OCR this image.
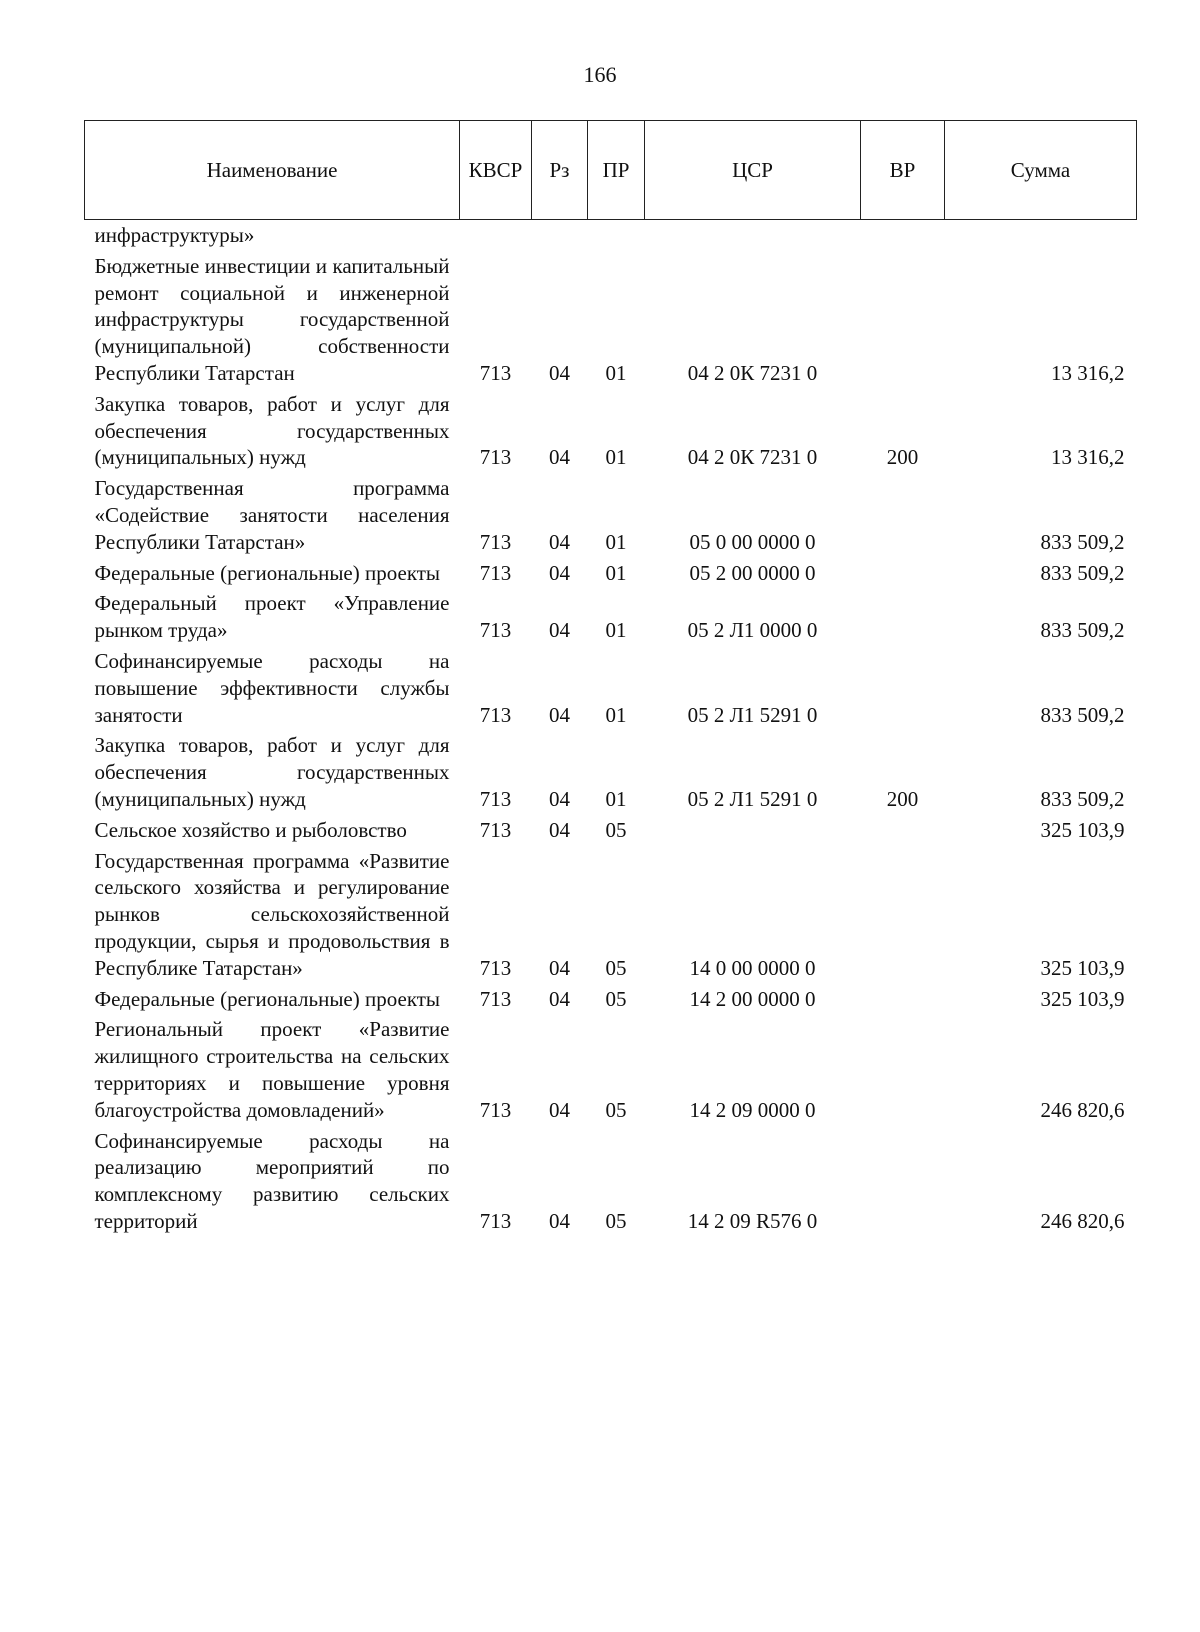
166
Наименование	КВСР	Рз	ПР	ЦСР	ВР	Сумма
инфраструктуры»						
Бюджетные инвестиции и капитальный ремонт социальной и инженерной инфраструктуры государственной (муниципальной) собственности Республики Татарстан	713	04	01	04 2 0К 7231 0		13 316,2
Закупка товаров, работ и услуг для обеспечения государственных (муниципальных) нужд	713	04	01	04 2 0К 7231 0	200	13 316,2
Государственная программа «Содействие занятости населения Республики Татарстан»	713	04	01	05 0 00 0000 0		833 509,2
Федеральные (региональные) проекты	713	04	01	05 2 00 0000 0		833 509,2
Федеральный проект «Управление рынком труда»	713	04	01	05 2 Л1 0000 0		833 509,2
Софинансируемые расходы на повышение эффективности службы занятости	713	04	01	05 2 Л1 5291 0		833 509,2
Закупка товаров, работ и услуг для обеспечения государственных (муниципальных) нужд	713	04	01	05 2 Л1 5291 0	200	833 509,2
Сельское хозяйство и рыболовство	713	04	05			325 103,9
Государственная программа «Развитие сельского хозяйства и регулирование рынков сельскохозяйственной продукции, сырья и продовольствия в Республике Татарстан»	713	04	05	14 0 00 0000 0		325 103,9
Федеральные (региональные) проекты	713	04	05	14 2 00 0000 0		325 103,9
Региональный проект «Развитие жилищного строительства на сельских территориях и повышение уровня благоустройства домовладений»	713	04	05	14 2 09 0000 0		246 820,6
Софинансируемые расходы на реализацию мероприятий по комплексному развитию сельских территорий	713	04	05	14 2 09 R576 0		246 820,6
